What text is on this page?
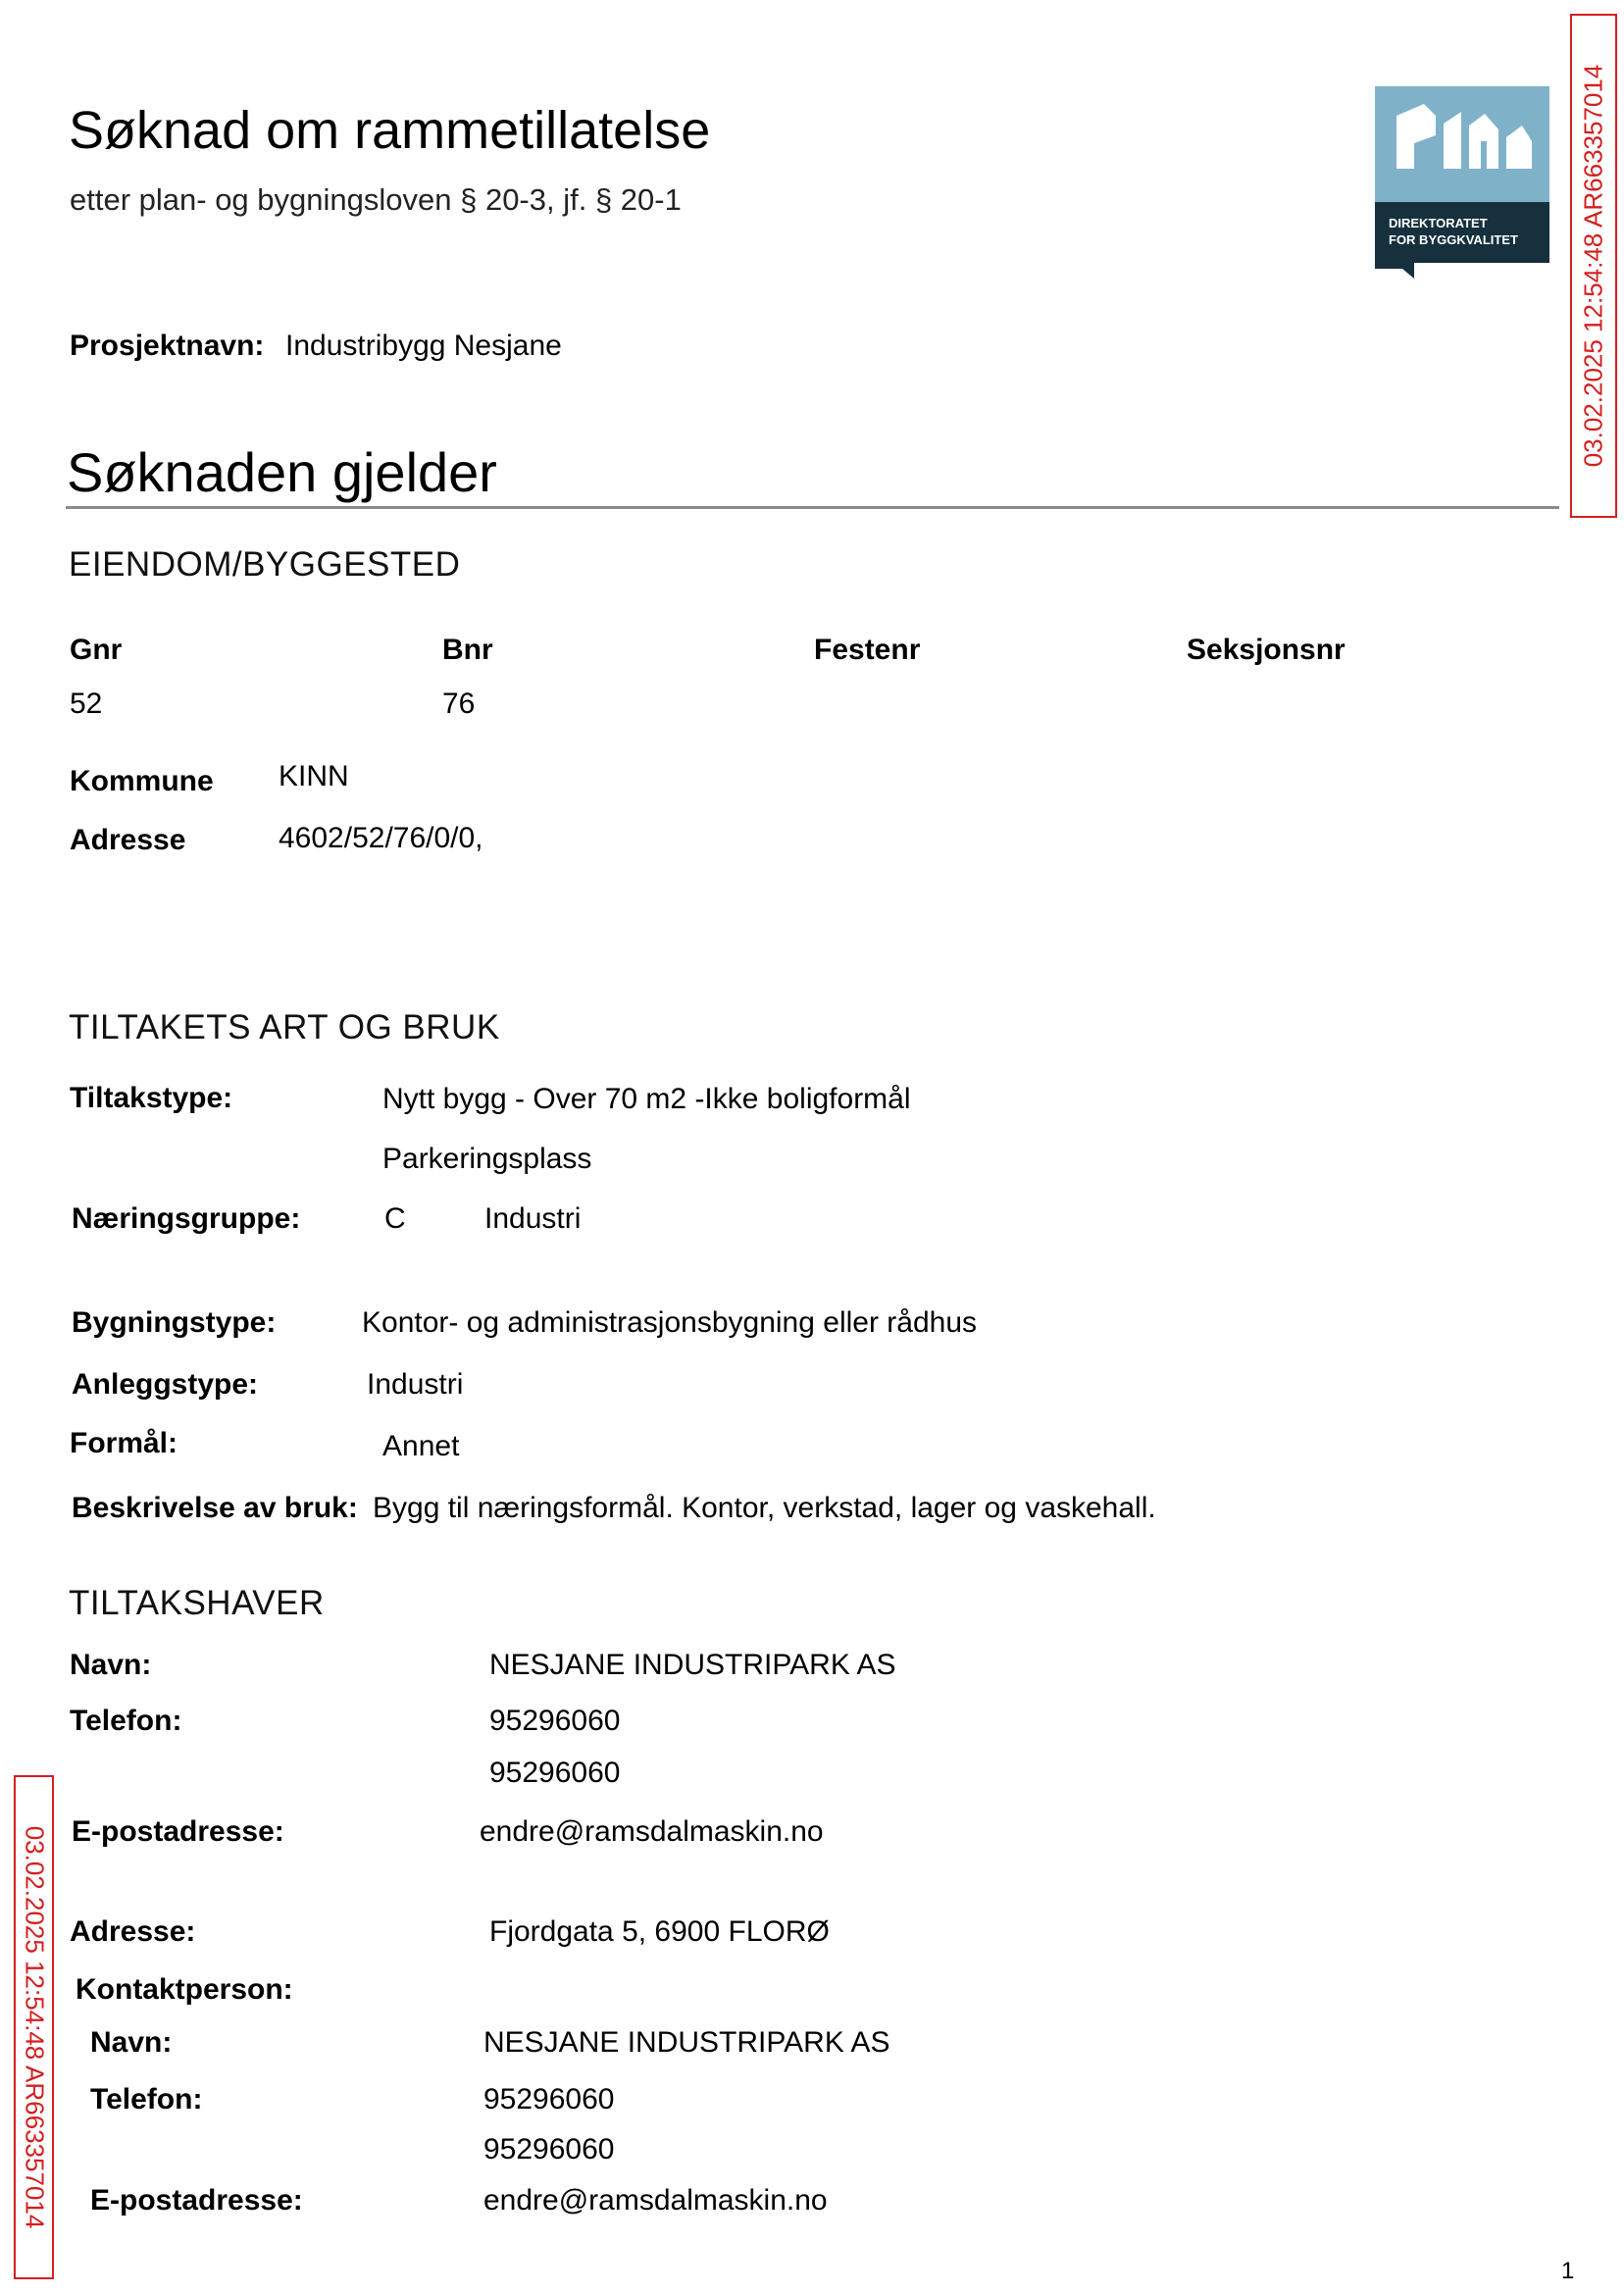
Søknad om rammetillatelse
etter plan- og bygningsloven § 20-3, jf. § 20-1
DIREKTORATET
FOR BYGGKVALITET
Prosjektnavn: Industribygg Nesjane
Søknaden gjelder
EIENDOM/BYGGESTED
Gnr	Bnr	Festenr	Seksjonsnr
52	76
Kommune KINN
Adresse	4602/52/76/0/0,
TILTAKETS ART OG BRUK
Tiltakstype:	Nytt bygg - Over 70 m2 -Ikke boligformål
Parkeringsplass
Næringsgruppe:	C	Industri
Bygningstype:	Kontor- og administrasjonsbygning eller rådhus
Anleggstype:	Industri
Formål:	Annet
Beskrivelse av bruk: Bygg til næringsformål. Kontor, verkstad, lager og vaskehall.
TILTAKSHAVER
Navn:	NESJANE INDUSTRIPARK AS
Telefon:	95296060
95296060
E-postadresse:	endre@ramsdalmaskin.no
Adresse:	Fjordgata 5, 6900 FLORØ
Kontaktperson:
Navn:	NESJANE INDUSTRIPARK AS
Telefon:	95296060
95296060
E-postadresse:	endre@ramsdalmaskin.no
03.02.2025 12:54:48 AR663357014
03.02.2025 12:54:48 AR663357014
1
